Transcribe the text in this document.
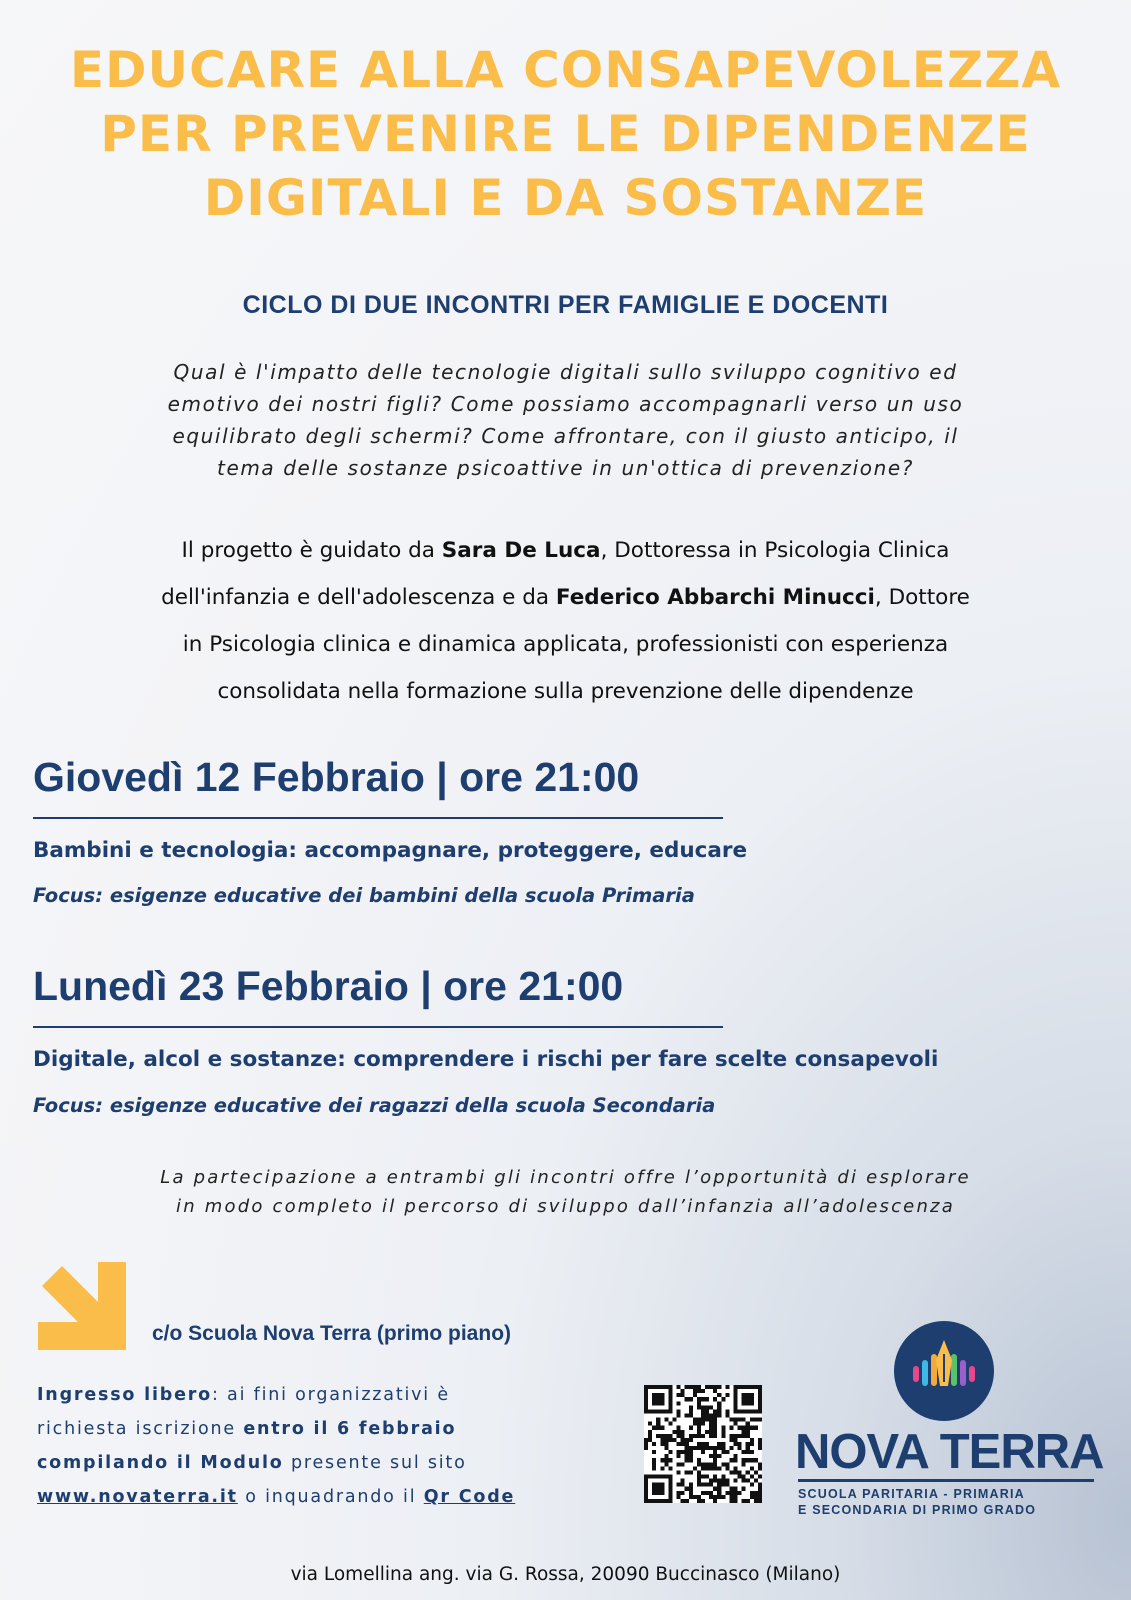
EDUCARE ALLA CONSAPEVOLEZZA
PER PREVENIRE LE DIPENDENZE
DIGITALI E DA SOSTANZE
CICLO DI DUE INCONTRI PER FAMIGLIE E DOCENTI
Qual è l'impatto delle tecnologie digitali sullo sviluppo cognitivo ed
emotivo dei nostri figli? Come possiamo accompagnarli verso un uso
equilibrato degli schermi? Come affrontare, con il giusto anticipo, il
tema delle sostanze psicoattive in un'ottica di prevenzione?
Il progetto è guidato da Sara De Luca, Dottoressa in Psicologia Clinica
dell'infanzia e dell'adolescenza e da Federico Abbarchi Minucci, Dottore
in Psicologia clinica e dinamica applicata, professionisti con esperienza
consolidata nella formazione sulla prevenzione delle dipendenze
Giovedì 12 Febbraio | ore 21:00
Bambini e tecnologia: accompagnare, proteggere, educare
Focus: esigenze educative dei bambini della scuola Primaria
Lunedì 23 Febbraio | ore 21:00
Digitale, alcol e sostanze: comprendere i rischi per fare scelte consapevoli
Focus: esigenze educative dei ragazzi della scuola Secondaria
La partecipazione a entrambi gli incontri offre l’opportunità di esplorare
in modo completo il percorso di sviluppo dall’infanzia all’adolescenza
c/o Scuola Nova Terra (primo piano)
Ingresso libero: ai fini organizzativi è
richiesta iscrizione entro il 6 febbraio
compilando il Modulo presente sul sito
www.novaterra.it o inquadrando il Qr Code
NOVA TERRA
SCUOLA PARITARIA - PRIMARIA
E SECONDARIA DI PRIMO GRADO
via Lomellina ang. via G. Rossa, 20090 Buccinasco (Milano)
